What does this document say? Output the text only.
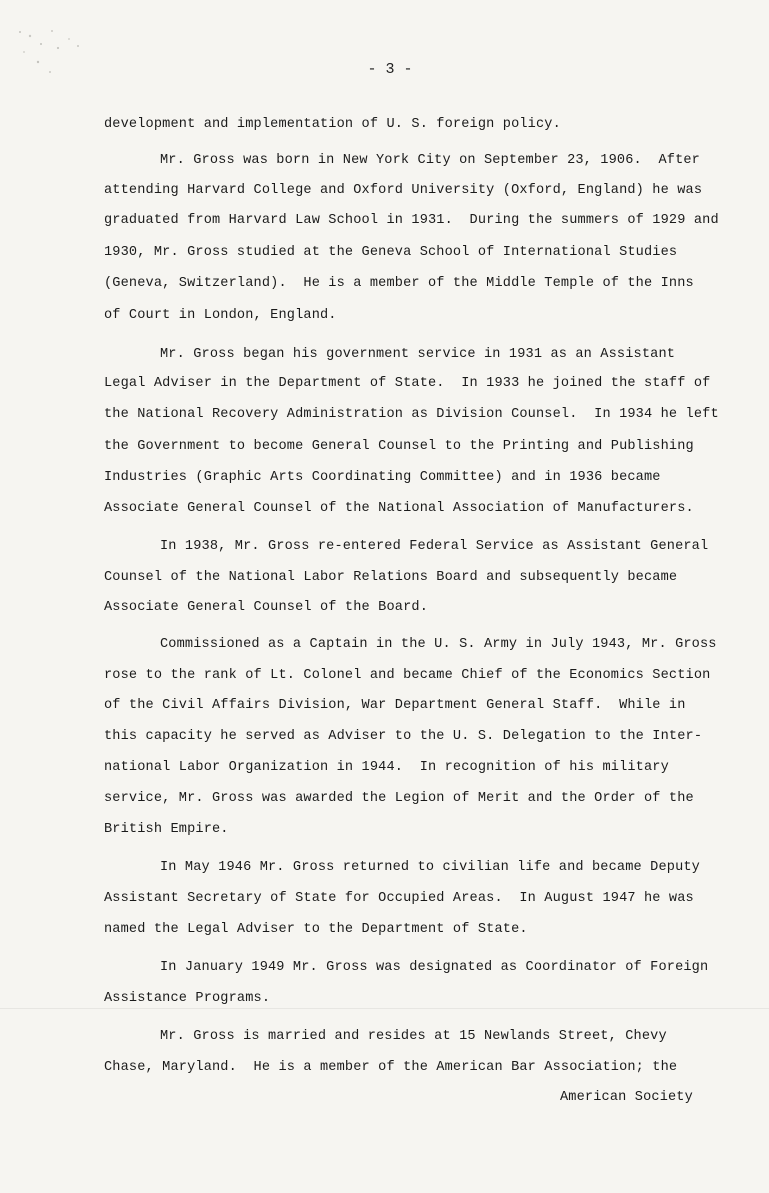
- 3 -
development and implementation of U. S. foreign policy.
Mr. Gross was born in New York City on September 23, 1906.  After
attending Harvard College and Oxford University (Oxford, England) he was
graduated from Harvard Law School in 1931.  During the summers of 1929 and
1930, Mr. Gross studied at the Geneva School of International Studies
(Geneva, Switzerland).  He is a member of the Middle Temple of the Inns
of Court in London, England.
Mr. Gross began his government service in 1931 as an Assistant
Legal Adviser in the Department of State.  In 1933 he joined the staff of
the National Recovery Administration as Division Counsel.  In 1934 he left
the Government to become General Counsel to the Printing and Publishing
Industries (Graphic Arts Coordinating Committee) and in 1936 became
Associate General Counsel of the National Association of Manufacturers.
In 1938, Mr. Gross re-entered Federal Service as Assistant General
Counsel of the National Labor Relations Board and subsequently became
Associate General Counsel of the Board.
Commissioned as a Captain in the U. S. Army in July 1943, Mr. Gross
rose to the rank of Lt. Colonel and became Chief of the Economics Section
of the Civil Affairs Division, War Department General Staff.  While in
this capacity he served as Adviser to the U. S. Delegation to the Inter-
national Labor Organization in 1944.  In recognition of his military
service, Mr. Gross was awarded the Legion of Merit and the Order of the
British Empire.
In May 1946 Mr. Gross returned to civilian life and became Deputy
Assistant Secretary of State for Occupied Areas.  In August 1947 he was
named the Legal Adviser to the Department of State.
In January 1949 Mr. Gross was designated as Coordinator of Foreign
Assistance Programs.
Mr. Gross is married and resides at 15 Newlands Street, Chevy
Chase, Maryland.  He is a member of the American Bar Association; the
American Society
